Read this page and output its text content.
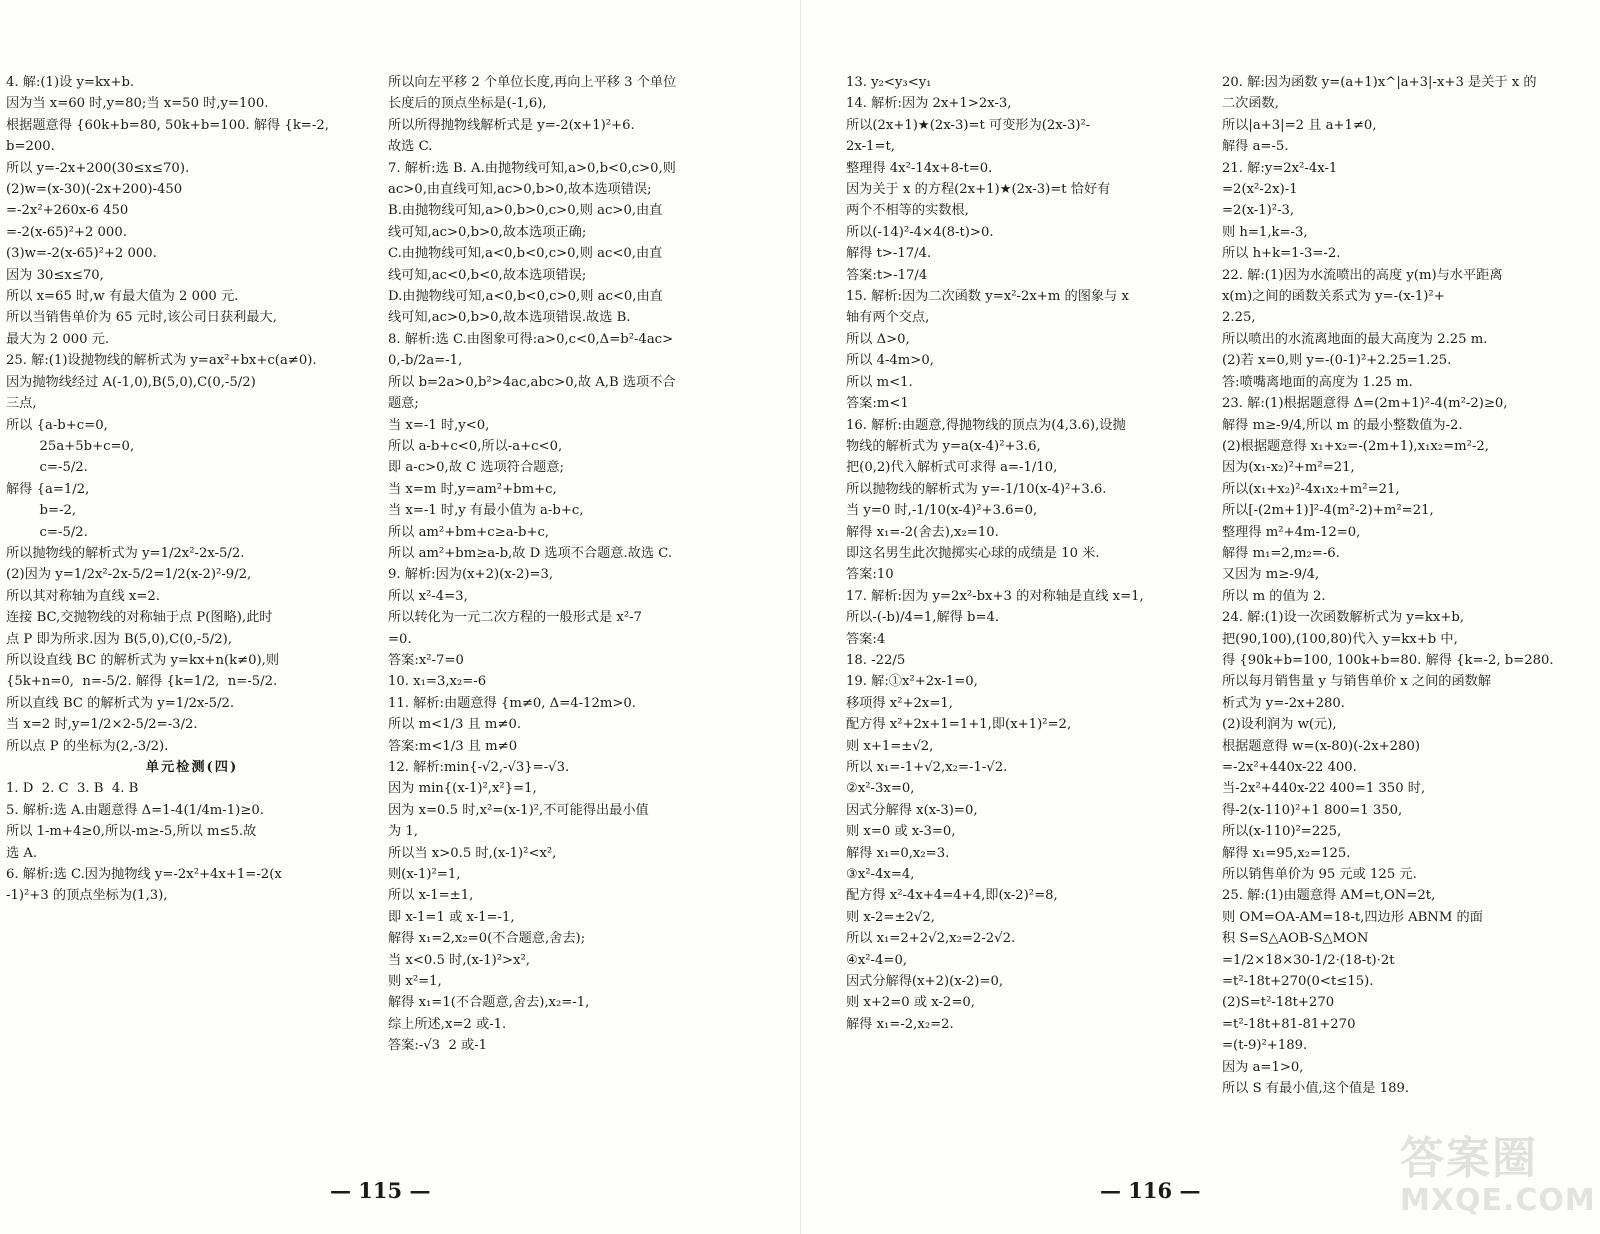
4. 解:(1)设 y=kx+b.

因为当 x=60 时,y=80;当 x=50 时,y=100.

根据题意得 {60k+b=80, 50k+b=100. 解得 {k=-2, b=200.

所以 y=-2x+200(30≤x≤70).

(2)w=(x-30)(-2x+200)-450

=-2x²+260x-6 450

=-2(x-65)²+2 000.

(3)w=-2(x-65)²+2 000.

因为 30≤x≤70,

所以 x=65 时,w 有最大值为 2 000 元.

所以当销售单价为 65 元时,该公司日获利最大,

最大为 2 000 元.

25. 解:(1)设抛物线的解析式为 y=ax²+bx+c(a≠0).

因为抛物线经过 A(-1,0),B(5,0),C(0,-5/2)

三点,

所以 {a-b+c=0,

25a+5b+c=0,

c=-5/2.

解得 {a=1/2,

b=-2,

c=-5/2.

所以抛物线的解析式为 y=1/2x²-2x-5/2.

(2)因为 y=1/2x²-2x-5/2=1/2(x-2)²-9/2,

所以其对称轴为直线 x=2.

连接 BC,交抛物线的对称轴于点 P(图略),此时

点 P 即为所求.因为 B(5,0),C(0,-5/2),

所以设直线 BC 的解析式为 y=kx+n(k≠0),则

{5k+n=0,  n=-5/2. 解得 {k=1/2,  n=-5/2.

所以直线 BC 的解析式为 y=1/2x-5/2.

当 x=2 时,y=1/2×2-5/2=-3/2.

所以点 P 的坐标为(2,-3/2).

单元检测(四)

1. D  2. C  3. B  4. B

5. 解析:选 A.由题意得 Δ=1-4(1/4m-1)≥0.

所以 1-m+4≥0,所以-m≥-5,所以 m≤5.故

选 A.

6. 解析:选 C.因为抛物线 y=-2x²+4x+1=-2(x

-1)²+3 的顶点坐标为(1,3),

所以向左平移 2 个单位长度,再向上平移 3 个单位

长度后的顶点坐标是(-1,6),

所以所得抛物线解析式是 y=-2(x+1)²+6.

故选 C.

7. 解析:选 B. A.由抛物线可知,a>0,b<0,c>0,则

ac>0,由直线可知,ac>0,b>0,故本选项错误;

B.由抛物线可知,a>0,b>0,c>0,则 ac>0,由直

线可知,ac>0,b>0,故本选项正确;

C.由抛物线可知,a<0,b<0,c>0,则 ac<0,由直

线可知,ac<0,b<0,故本选项错误;

D.由抛物线可知,a<0,b<0,c>0,则 ac<0,由直

线可知,ac>0,b>0,故本选项错误.故选 B.

8. 解析:选 C.由图象可得:a>0,c<0,Δ=b²-4ac>

0,-b/2a=-1,

所以 b=2a>0,b²>4ac,abc>0,故 A,B 选项不合

题意;

当 x=-1 时,y<0,

所以 a-b+c<0,所以-a+c<0,

即 a-c>0,故 C 选项符合题意;

当 x=m 时,y=am²+bm+c,

当 x=-1 时,y 有最小值为 a-b+c,

所以 am²+bm+c≥a-b+c,

所以 am²+bm≥a-b,故 D 选项不合题意.故选 C.

9. 解析:因为(x+2)(x-2)=3,

所以 x²-4=3,

所以转化为一元二次方程的一般形式是 x²-7

=0.

答案:x²-7=0

10. x₁=3,x₂=-6

11. 解析:由题意得 {m≠0, Δ=4-12m>0.

所以 m<1/3 且 m≠0.

答案:m<1/3 且 m≠0

12. 解析:min{-√2,-√3}=-√3.

因为 min{(x-1)²,x²}=1,

因为 x=0.5 时,x²=(x-1)²,不可能得出最小值

为 1,

所以当 x>0.5 时,(x-1)²<x²,

则(x-1)²=1,

所以 x-1=±1,

即 x-1=1 或 x-1=-1,

解得 x₁=2,x₂=0(不合题意,舍去);

当 x<0.5 时,(x-1)²>x²,

则 x²=1,

解得 x₁=1(不合题意,舍去),x₂=-1,

综上所述,x=2 或-1.

答案:-√3  2 或-1

13. y₂<y₃<y₁

14. 解析:因为 2x+1>2x-3,

所以(2x+1)★(2x-3)=t 可变形为(2x-3)²-

2x-1=t,

整理得 4x²-14x+8-t=0.

因为关于 x 的方程(2x+1)★(2x-3)=t 恰好有

两个不相等的实数根,

所以(-14)²-4×4(8-t)>0.

解得 t>-17/4.

答案:t>-17/4

15. 解析:因为二次函数 y=x²-2x+m 的图象与 x

轴有两个交点,

所以 Δ>0,

所以 4-4m>0,

所以 m<1.

答案:m<1

16. 解析:由题意,得抛物线的顶点为(4,3.6),设抛

物线的解析式为 y=a(x-4)²+3.6,

把(0,2)代入解析式可求得 a=-1/10,

所以抛物线的解析式为 y=-1/10(x-4)²+3.6.

当 y=0 时,-1/10(x-4)²+3.6=0,

解得 x₁=-2(舍去),x₂=10.

即这名男生此次抛掷实心球的成绩是 10 米.

答案:10

17. 解析:因为 y=2x²-bx+3 的对称轴是直线 x=1,

所以-(-b)/4=1,解得 b=4.

答案:4

18. -22/5

19. 解:①x²+2x-1=0,

移项得 x²+2x=1,

配方得 x²+2x+1=1+1,即(x+1)²=2,

则 x+1=±√2,

所以 x₁=-1+√2,x₂=-1-√2.

②x²-3x=0,

因式分解得 x(x-3)=0,

则 x=0 或 x-3=0,

解得 x₁=0,x₂=3.

③x²-4x=4,

配方得 x²-4x+4=4+4,即(x-2)²=8,

则 x-2=±2√2,

所以 x₁=2+2√2,x₂=2-2√2.

④x²-4=0,

因式分解得(x+2)(x-2)=0,

则 x+2=0 或 x-2=0,

解得 x₁=-2,x₂=2.

20. 解:因为函数 y=(a+1)x^|a+3|-x+3 是关于 x 的

二次函数,

所以|a+3|=2 且 a+1≠0,

解得 a=-5.

21. 解:y=2x²-4x-1

=2(x²-2x)-1

=2(x-1)²-3,

则 h=1,k=-3,

所以 h+k=1-3=-2.

22. 解:(1)因为水流喷出的高度 y(m)与水平距离

x(m)之间的函数关系式为 y=-(x-1)²+

2.25,

所以喷出的水流离地面的最大高度为 2.25 m.

(2)若 x=0,则 y=-(0-1)²+2.25=1.25.

答:喷嘴离地面的高度为 1.25 m.

23. 解:(1)根据题意得 Δ=(2m+1)²-4(m²-2)≥0,

解得 m≥-9/4,所以 m 的最小整数值为-2.

(2)根据题意得 x₁+x₂=-(2m+1),x₁x₂=m²-2,

因为(x₁-x₂)²+m²=21,

所以(x₁+x₂)²-4x₁x₂+m²=21,

所以[-(2m+1)]²-4(m²-2)+m²=21,

整理得 m²+4m-12=0,

解得 m₁=2,m₂=-6.

又因为 m≥-9/4,

所以 m 的值为 2.

24. 解:(1)设一次函数解析式为 y=kx+b,

把(90,100),(100,80)代入 y=kx+b 中,

得 {90k+b=100, 100k+b=80. 解得 {k=-2, b=280.

所以每月销售量 y 与销售单价 x 之间的函数解

析式为 y=-2x+280.

(2)设利润为 w(元),

根据题意得 w=(x-80)(-2x+280)

=-2x²+440x-22 400.

当-2x²+440x-22 400=1 350 时,

得-2(x-110)²+1 800=1 350,

所以(x-110)²=225,

解得 x₁=95,x₂=125.

所以销售单价为 95 元或 125 元.

25. 解:(1)由题意得 AM=t,ON=2t,

则 OM=OA-AM=18-t,四边形 ABNM 的面

积 S=S△AOB-S△MON

=1/2×18×30-1/2·(18-t)·2t

=t²-18t+270(0<t≤15).

(2)S=t²-18t+270

=t²-18t+81-81+270

=(t-9)²+189.

因为 a=1>0,

所以 S 有最小值,这个值是 189.

— 115 —	— 116 —
答案圈
MXQE.COM
